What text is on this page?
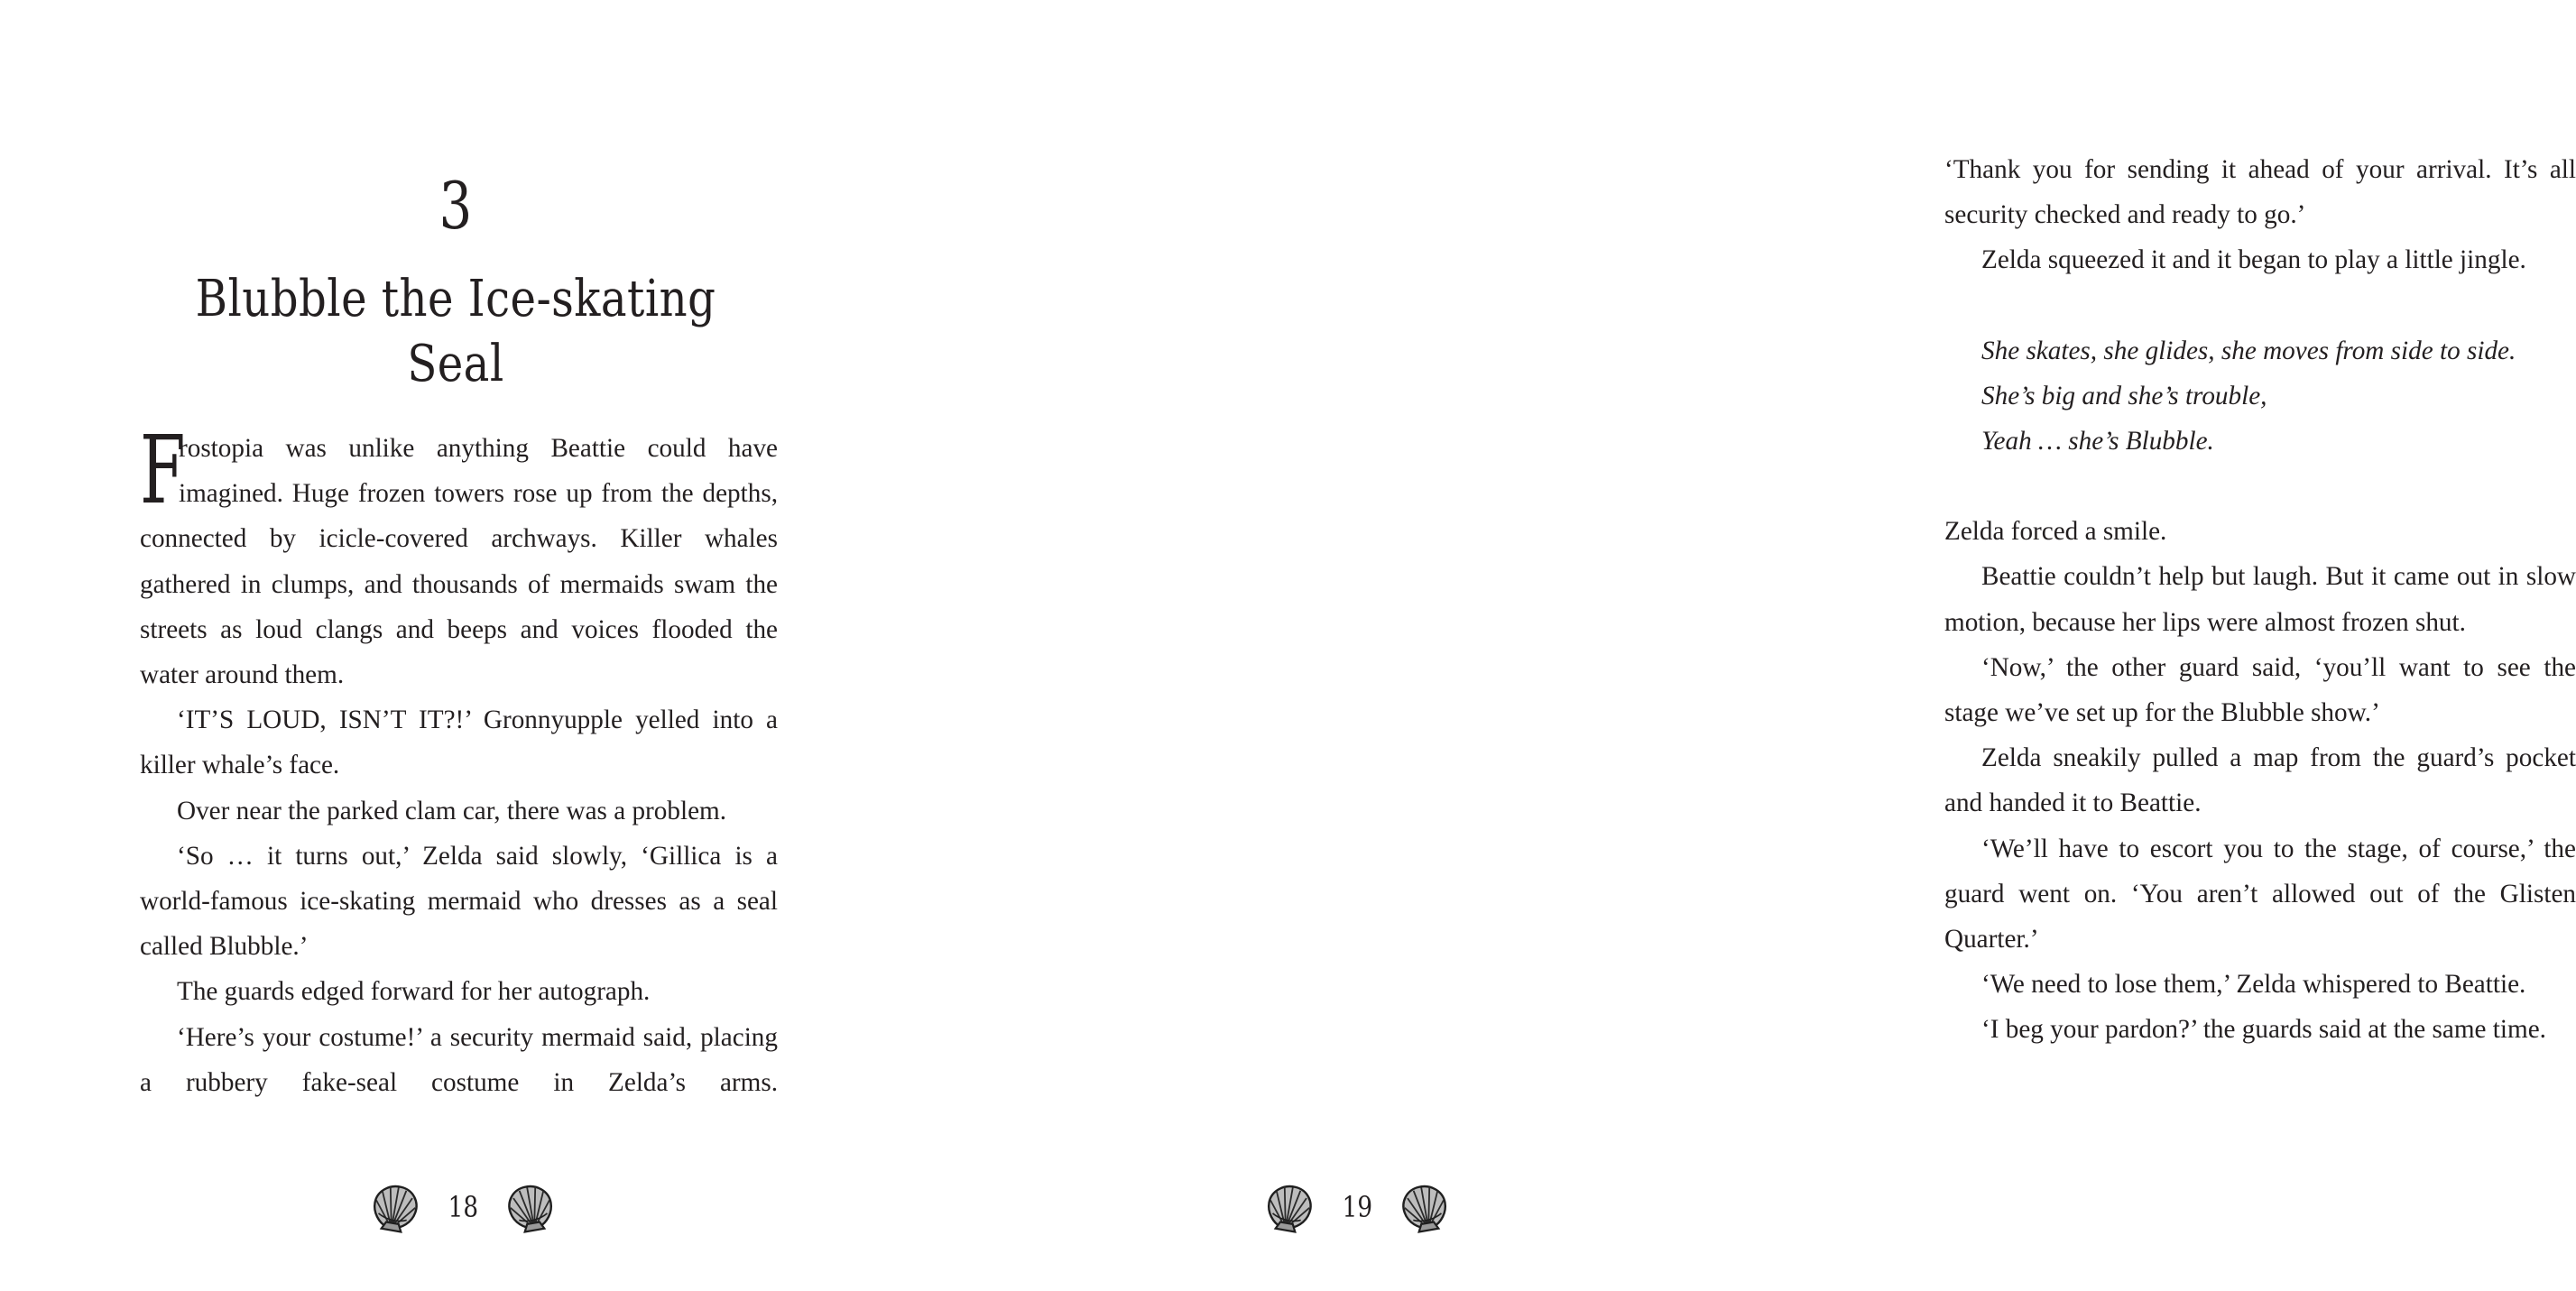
3
Blubble the Ice-skating Seal

F
rostopia was unlike anything Beattie could have imagined. Huge frozen towers rose up from the depths, connected by icicle-covered archways. Killer whales gathered in clumps, and thousands of mermaids swam the streets as loud clangs and beeps and voices flooded the water around them.

‘IT’S LOUD, ISN’T IT?!’ Gronnyupple yelled into a killer whale’s face.

Over near the parked clam car, there was a problem.

‘So … it turns out,’ Zelda said slowly, ‘Gillica is a world-famous ice-skating mermaid who dresses as a seal called Blubble.’

The guards edged forward for her autograph.

‘Here’s your costume!’ a security mermaid said, placing a rubbery fake-seal costume in Zelda’s arms.

18

‘Thank you for sending it ahead of your arrival. It’s all security checked and ready to go.’

Zelda squeezed it and it began to play a little jingle.

She skates, she glides, she moves from side to side.
She’s big and she’s trouble,
Yeah … she’s Blubble.

Zelda forced a smile.

Beattie couldn’t help but laugh. But it came out in slow motion, because her lips were almost frozen shut.

‘Now,’ the other guard said, ‘you’ll want to see the stage we’ve set up for the Blubble show.’

Zelda sneakily pulled a map from the guard’s pocket and handed it to Beattie.

‘We’ll have to escort you to the stage, of course,’ the guard went on. ‘You aren’t allowed out of the Glisten Quarter.’

‘We need to lose them,’ Zelda whispered to Beattie.

‘I beg your pardon?’ the guards said at the same time.

19
